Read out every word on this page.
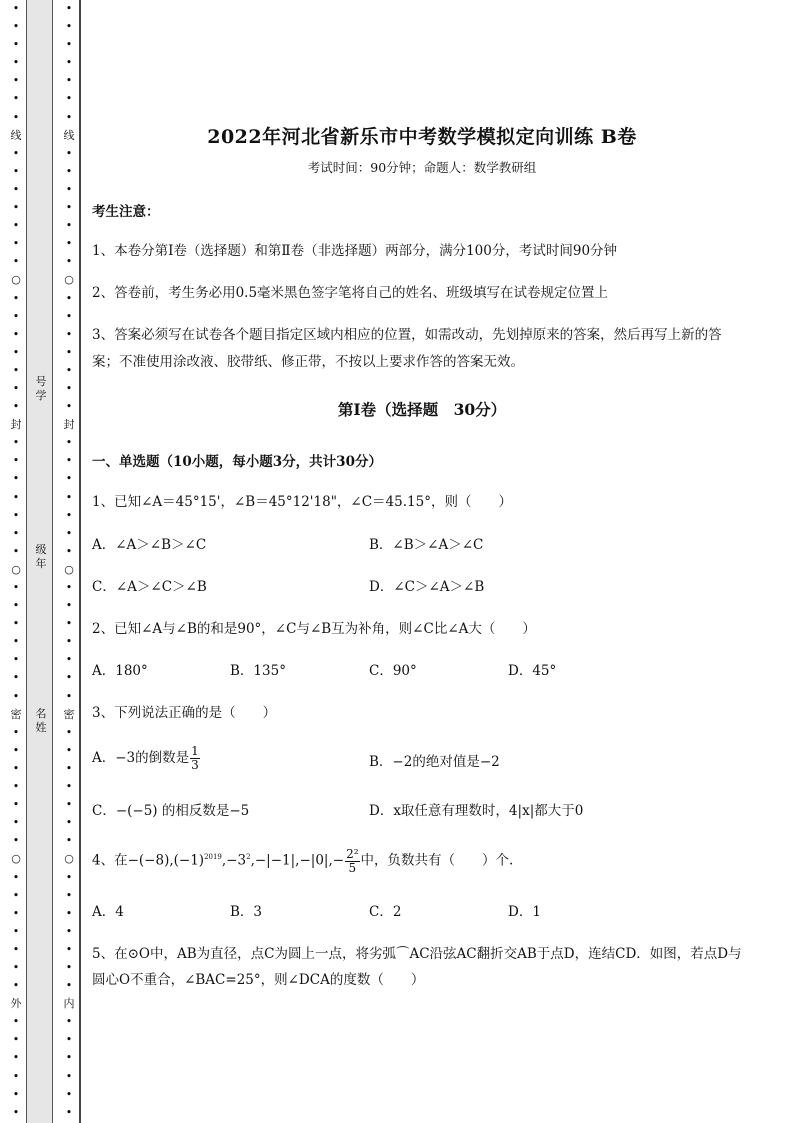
•
•
•
•
•
•
•
线
•
•
•
•
•
•
•
○
•
•
•
•
•
•
•
封
•
•
•
•
•
•
•
○
•
•
•
•
•
•
•
密
•
•
•
•
•
•
•
○
•
•
•
•
•
•
•
外
•
•
•
•
•
•
号学
级年
名姓
•
•
•
•
•
•
•
线
•
•
•
•
•
•
•
○
•
•
•
•
•
•
•
封
•
•
•
•
•
•
•
○
•
•
•
•
•
•
•
密
•
•
•
•
•
•
•
○
•
•
•
•
•
•
•
内
•
•
•
•
•
•
2022年河北省新乐市中考数学模拟定向训练 B卷
考试时间：90分钟；命题人：数学教研组
考生注意：
1、本卷分第I卷（选择题）和第Ⅱ卷（非选择题）两部分，满分100分，考试时间90分钟
2、答卷前，考生务必用0.5毫米黑色签字笔将自己的姓名、班级填写在试卷规定位置上
3、答案必须写在试卷各个题目指定区域内相应的位置，如需改动，先划掉原来的答案，然后再写上新的答案；不准使用涂改液、胶带纸、修正带，不按以上要求作答的答案无效。
第I卷（选择题　30分）
一、单选题（10小题，每小题3分，共计30分）
1、已知∠A＝45°15'，∠B＝45°12'18"，∠C＝45.15°，则（　　）
A．∠A＞∠B＞∠C	B．∠B＞∠A＞∠C
C．∠A＞∠C＞∠B	D．∠C＞∠A＞∠B
2、已知∠A与∠B的和是90°，∠C与∠B互为补角，则∠C比∠A大（　　）
A．180°	B．135°	C．90°	D．45°
3、下列说法正确的是（　　）
A．−3的倒数是 $\frac{1}{3}$	B．−2的绝对值是−2
C．−(−5) 的相反数是−5	D．x取任意有理数时，4|x|都大于0
4、在$-(-8),(-1)^{2019},-3^2,-|-1|,-|0|,- \frac{\text{2²}}{5}$ 中，负数共有（　　）个.
A．4	B．3	C．2	D．1
5、在⊙O中，AB为直径，点C为圆上一点，将劣弧⌒AC沿弦AC翻折交AB于点D，连结CD．如图，若点D与圆心O不重合，∠BAC=25°，则∠DCA的度数（　　）
